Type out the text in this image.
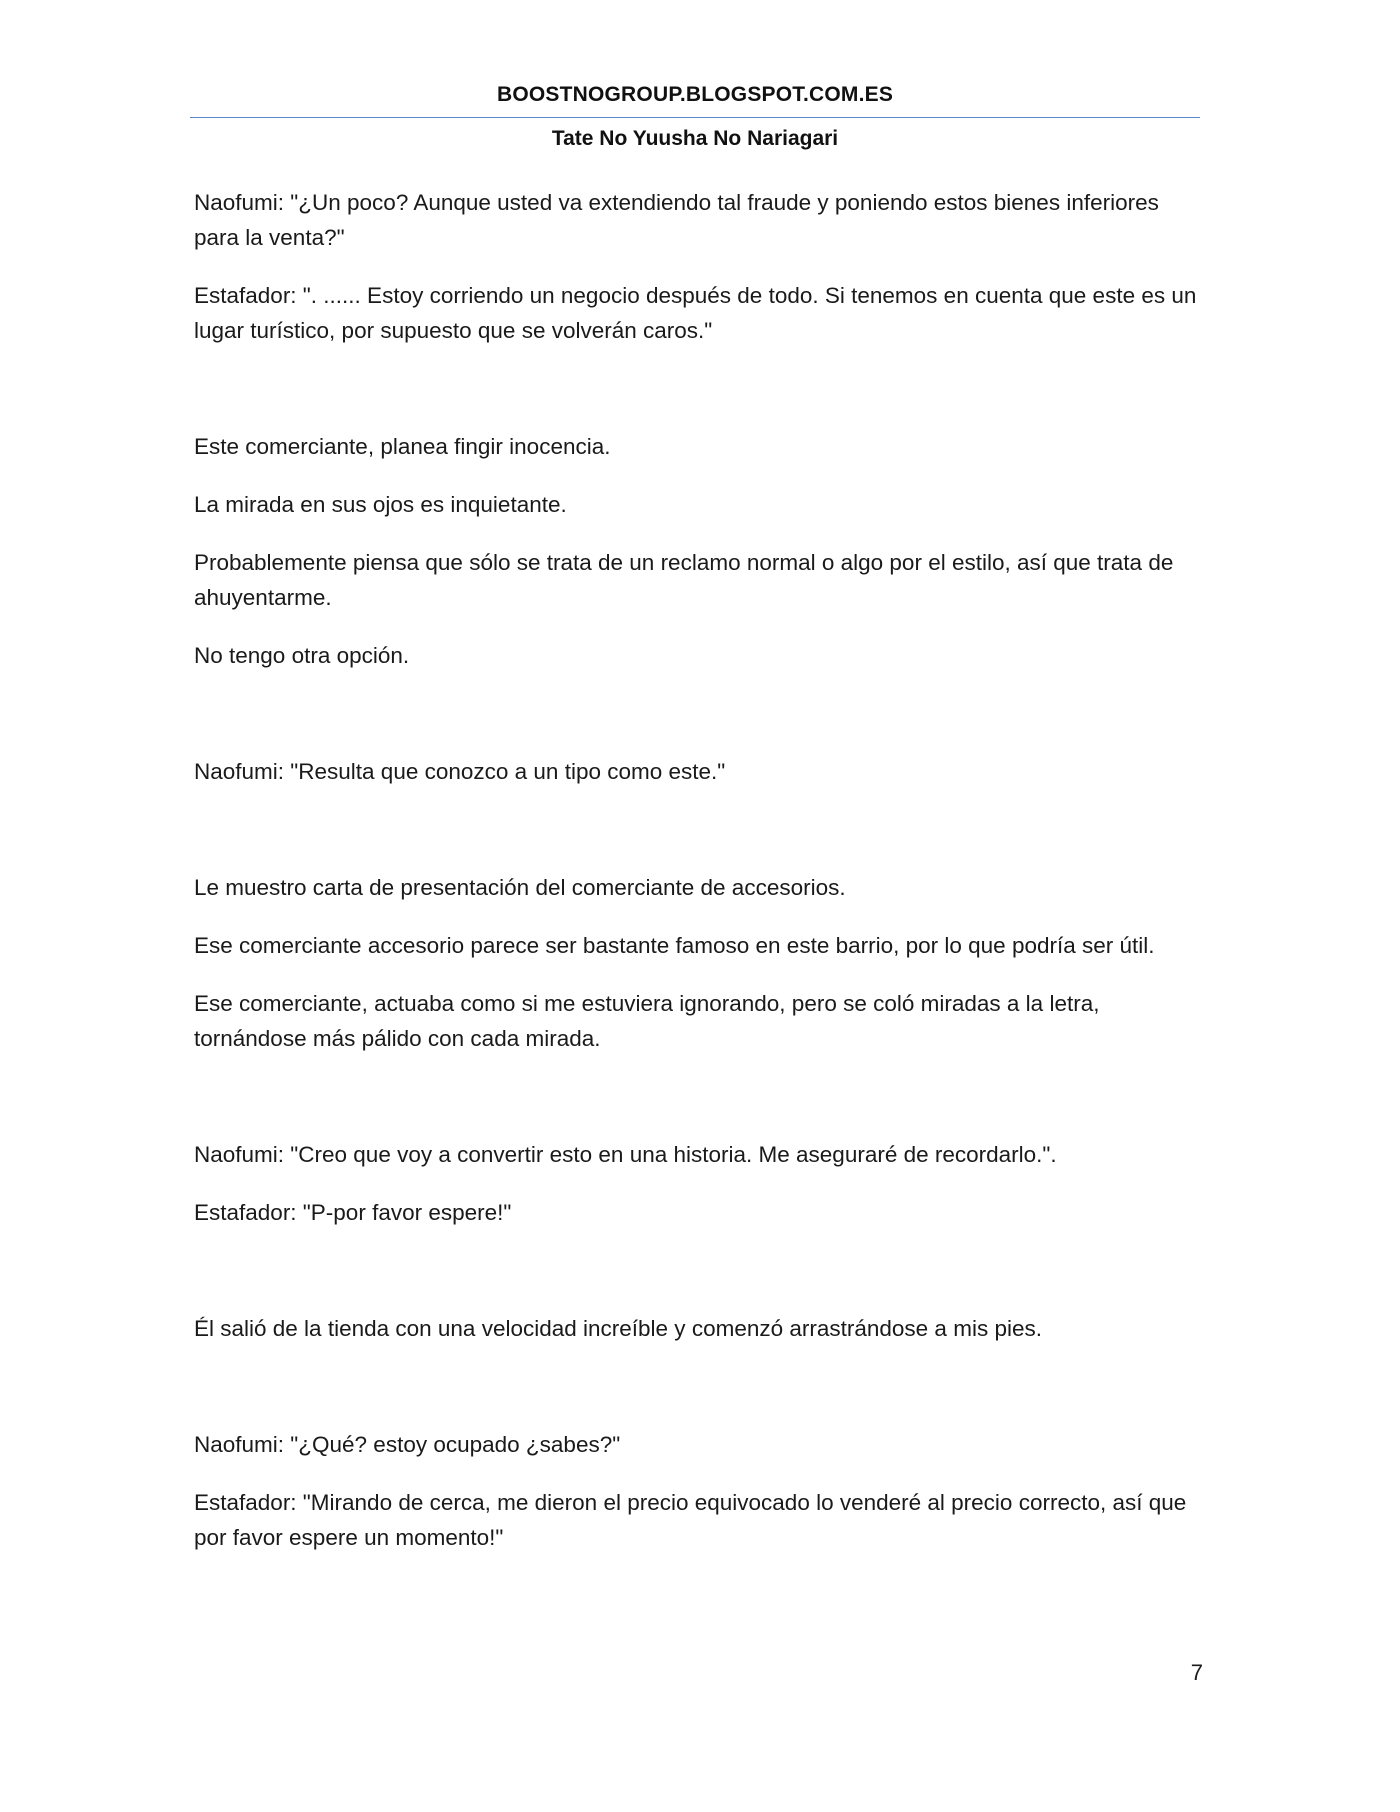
BOOSTNOGROUP.BLOGSPOT.COM.ES
Tate No Yuusha No Nariagari

Naofumi: "¿Un poco? Aunque usted va extendiendo tal fraude y poniendo estos bienes inferiores para la venta?"

Estafador: ". ...... Estoy corriendo un negocio después de todo. Si tenemos en cuenta que este es un lugar turístico, por supuesto que se volverán caros."

Este comerciante, planea fingir inocencia.

La mirada en sus ojos es inquietante.

Probablemente piensa que sólo se trata de un reclamo normal o algo por el estilo, así que trata de ahuyentarme.

No tengo otra opción.

Naofumi: "Resulta que conozco a un tipo como este."

Le muestro carta de presentación del comerciante de accesorios.

Ese comerciante accesorio parece ser bastante famoso en este barrio, por lo que podría ser útil.

Ese comerciante, actuaba como si me estuviera ignorando, pero se coló miradas a la letra, tornándose más pálido con cada mirada.

Naofumi: "Creo que voy a convertir esto en una historia. Me aseguraré de recordarlo.".

Estafador: "P-por favor espere!"

Él salió de la tienda con una velocidad increíble y comenzó arrastrándose a mis pies.

Naofumi: "¿Qué? estoy ocupado ¿sabes?"

Estafador: "Mirando de cerca, me dieron el precio equivocado lo venderé al precio correcto, así que por favor espere un momento!"

7
